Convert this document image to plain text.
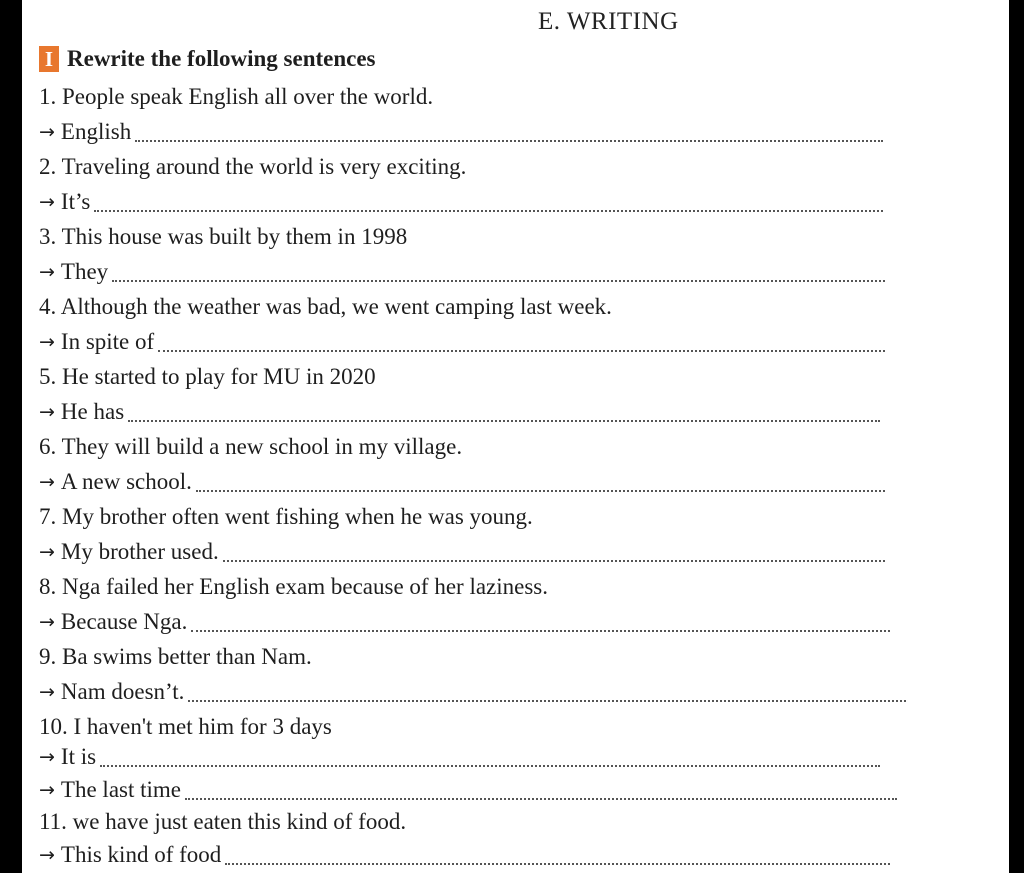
E. WRITING
I Rewrite the following sentences
1. People speak English all over the world.
→ English
2. Traveling around the world is very exciting.
→ It’s
3. This house was built by them in 1998
→ They
4. Although the weather was bad, we went camping last week.
→ In spite of
5. He started to play for MU in 2020
→ He has
6. They will build a new school in my village.
→ A new school.
7. My brother often went fishing when he was young.
→ My brother used.
8. Nga failed her English exam because of her laziness.
→ Because Nga.
9. Ba swims better than Nam.
→ Nam doesn’t.
10. I haven't met him for 3 days
→ It is
→ The last time
11. we have just eaten this kind of food.
→ This kind of food
